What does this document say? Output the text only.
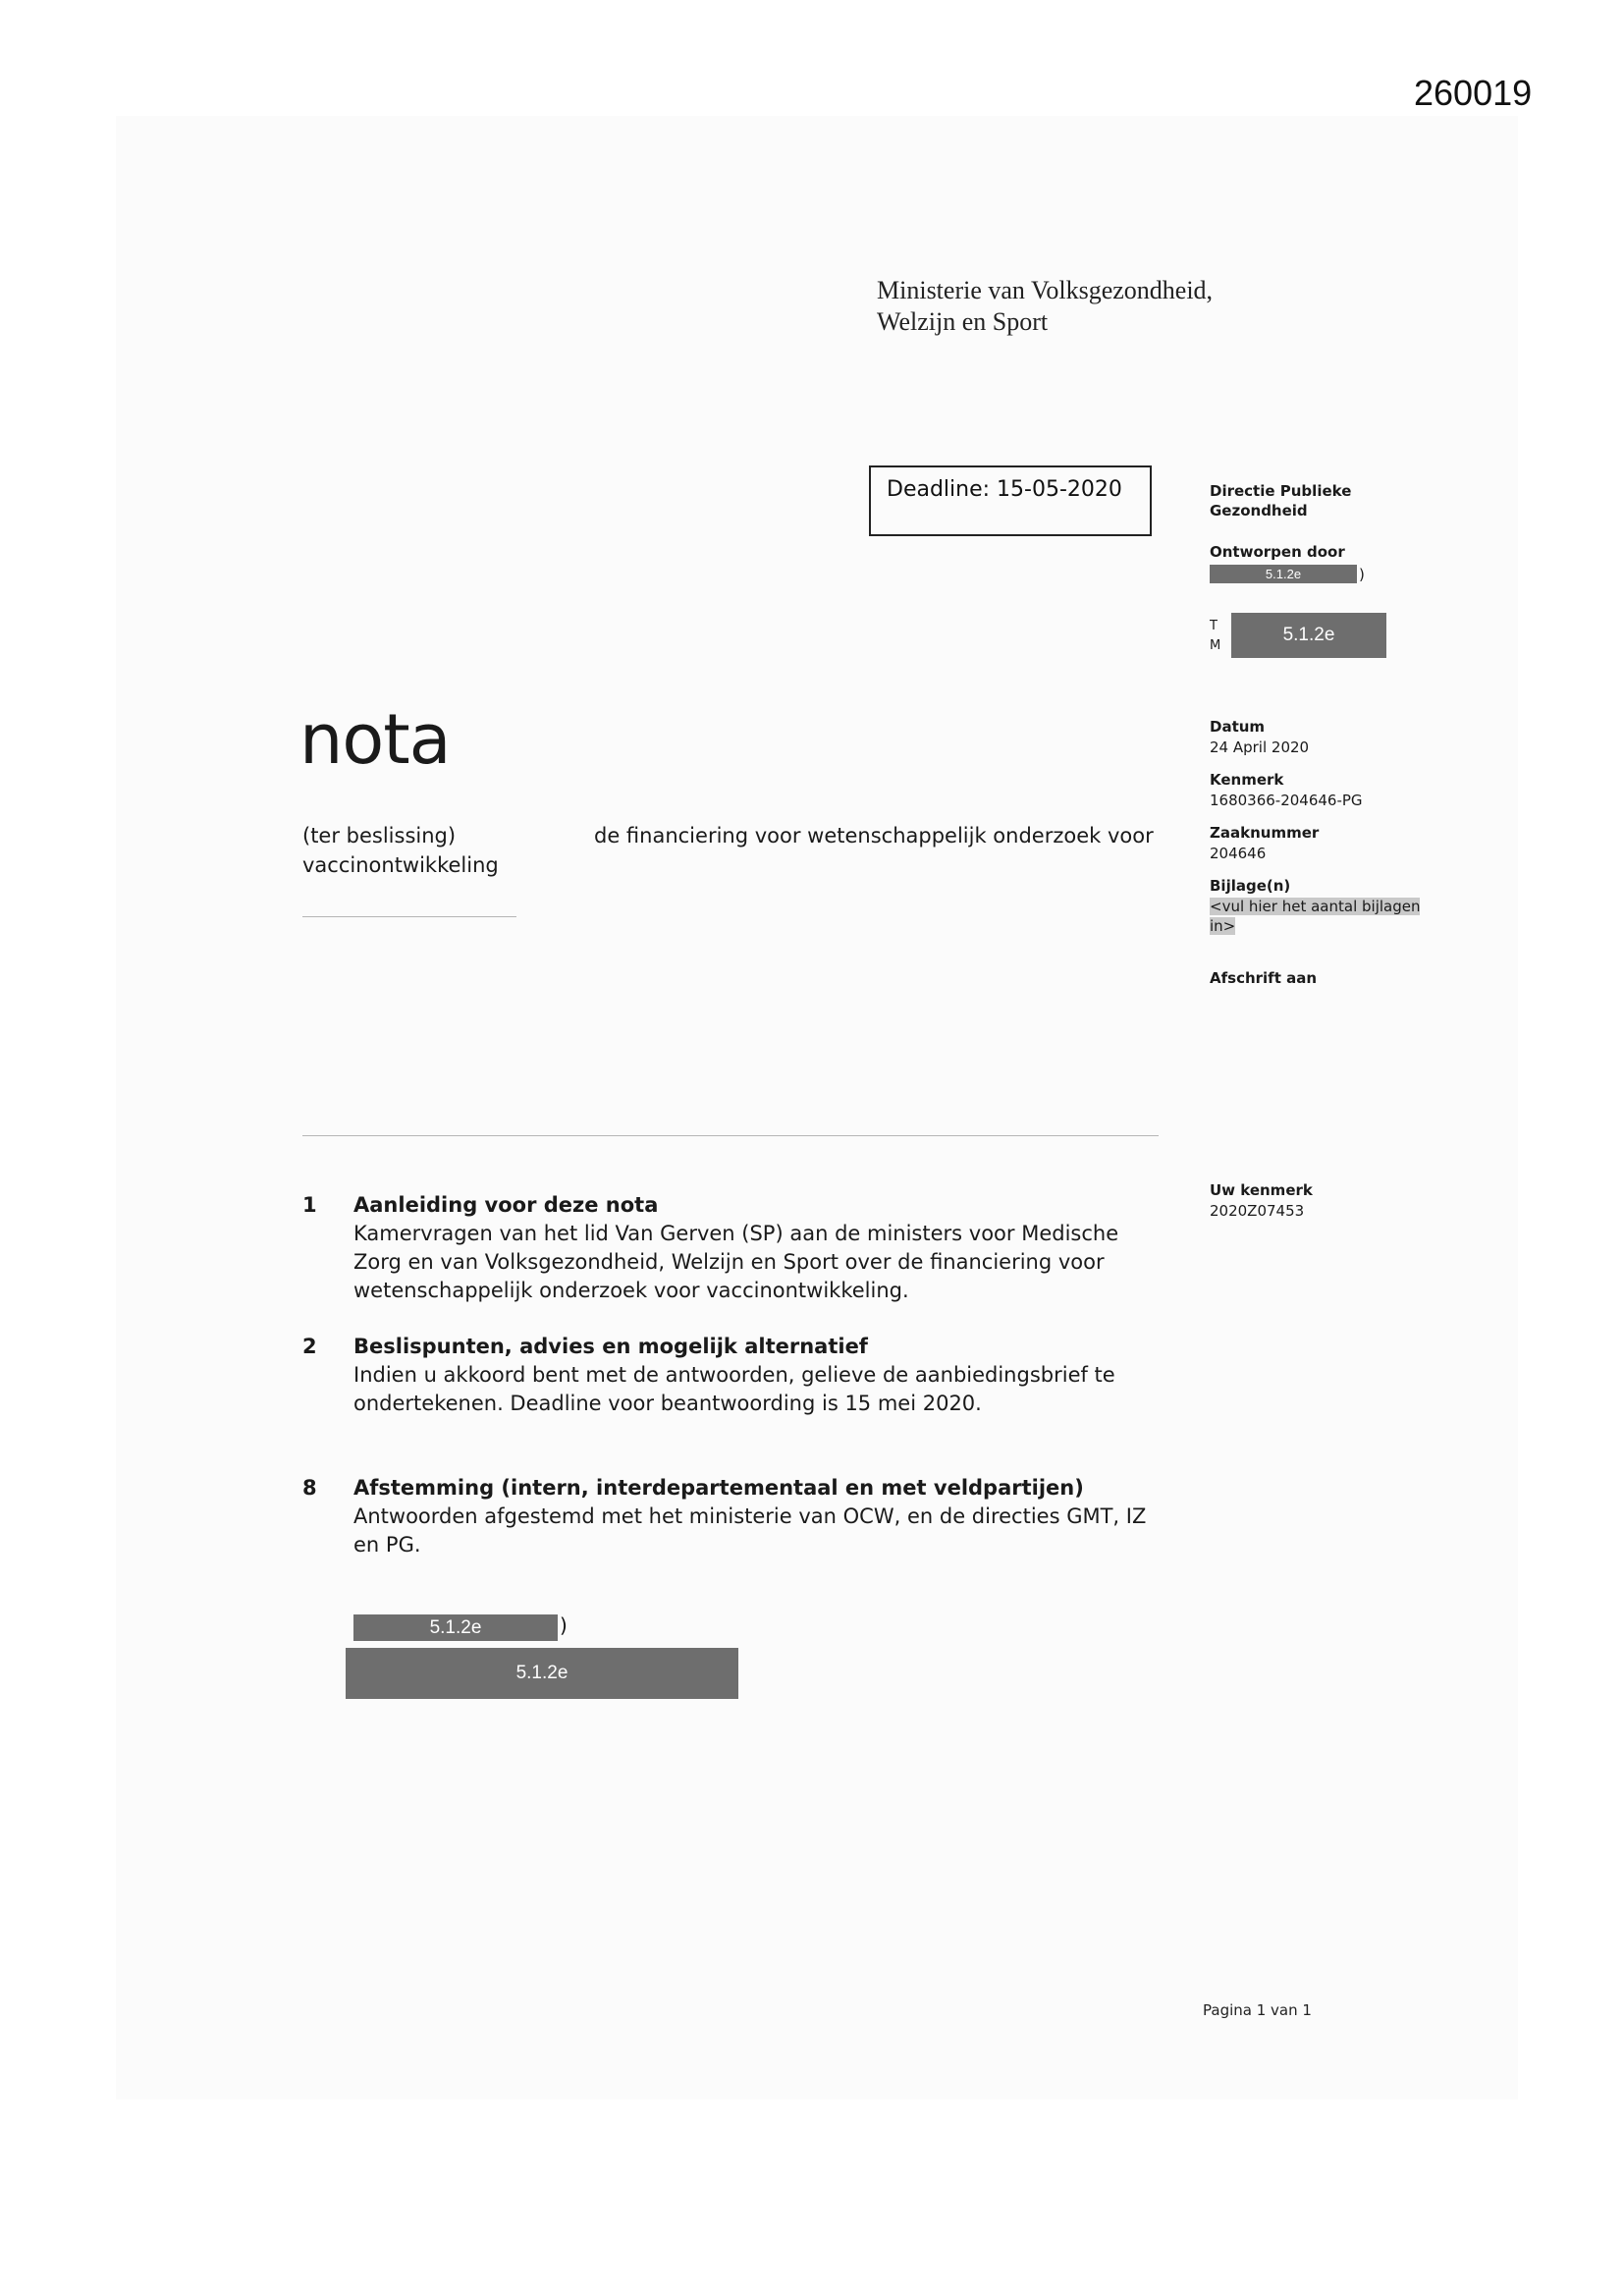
260019
Ministerie van Volksgezondheid,
Welzijn en Sport
Deadline: 15-05-2020	Directie Publieke
Gezondheid
Ontworpen door
5.1.2e	)
T
M
5.1.2e
Datum
24 April 2020
Kenmerk
1680366-204646-PG
Zaaknummer
204646
Bijlage(n)
<vul hier het aantal bijlagen
in>
Afschrift aan
Uw kenmerk
2020Z07453
nota
(ter beslissing)	de financiering voor wetenschappelijk onderzoek voor
vaccinontwikkeling
1 Aanleiding voor deze nota
Kamervragen van het lid Van Gerven (SP) aan de ministers voor Medische
Zorg en van Volksgezondheid, Welzijn en Sport over de financiering voor
wetenschappelijk onderzoek voor vaccinontwikkeling.
2 Beslispunten, advies en mogelijk alternatief
Indien u akkoord bent met de antwoorden, gelieve de aanbiedingsbrief te
ondertekenen. Deadline voor beantwoording is 15 mei 2020.
8 Afstemming (intern, interdepartementaal en met veldpartijen)
Antwoorden afgestemd met het ministerie van OCW, en de directies GMT, IZ
en PG.
5.1.2e	)
5.1.2e
Pagina 1 van 1
